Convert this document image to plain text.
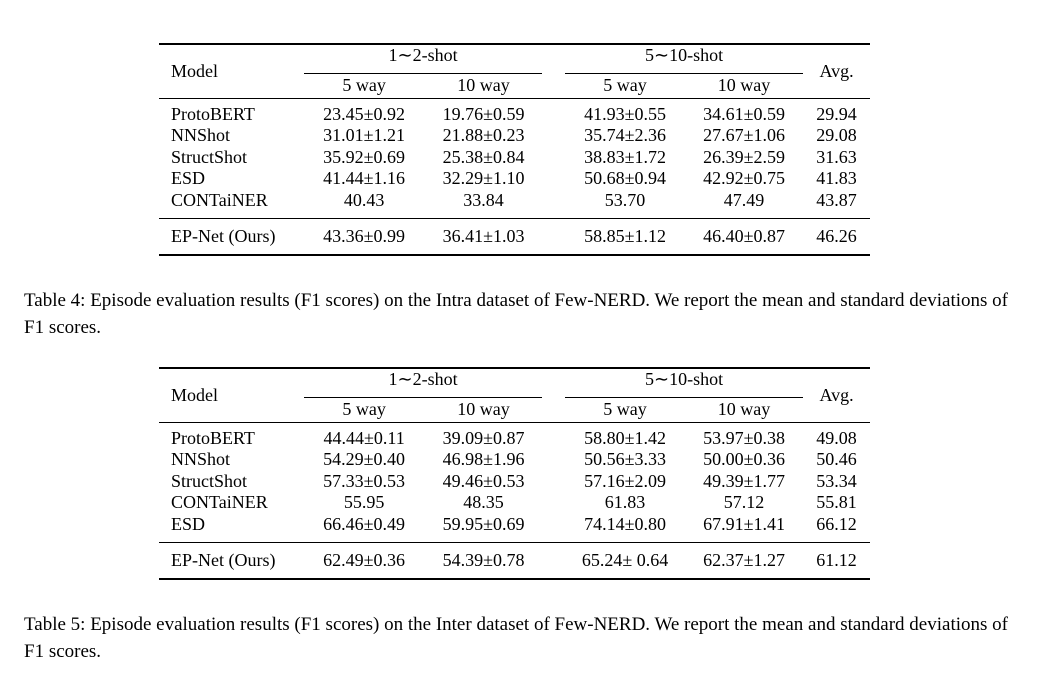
Model	1∼2-shot			5∼10-shot		Avg.
	5 way	10 way		5 way	10 way	
ProtoBERT	23.45±0.92	19.76±0.59		41.93±0.55	34.61±0.59	29.94
NNShot	31.01±1.21	21.88±0.23		35.74±2.36	27.67±1.06	29.08
StructShot	35.92±0.69	25.38±0.84		38.83±1.72	26.39±2.59	31.63
ESD	41.44±1.16	32.29±1.10		50.68±0.94	42.92±0.75	41.83
CONTaiNER	40.43	33.84		53.70	47.49	43.87
EP-Net (Ours)	43.36±0.99	36.41±1.03		58.85±1.12	46.40±0.87	46.26
Table 4: Episode evaluation results (F1 scores) on the Intra dataset of Few-NERD. We report the mean and standard deviations of F1 scores.
Model	1∼2-shot			5∼10-shot		Avg.
	5 way	10 way		5 way	10 way	
ProtoBERT	44.44±0.11	39.09±0.87		58.80±1.42	53.97±0.38	49.08
NNShot	54.29±0.40	46.98±1.96		50.56±3.33	50.00±0.36	50.46
StructShot	57.33±0.53	49.46±0.53		57.16±2.09	49.39±1.77	53.34
CONTaiNER	55.95	48.35		61.83	57.12	55.81
ESD	66.46±0.49	59.95±0.69		74.14±0.80	67.91±1.41	66.12
EP-Net (Ours)	62.49±0.36	54.39±0.78		65.24± 0.64	62.37±1.27	61.12
Table 5: Episode evaluation results (F1 scores) on the Inter dataset of Few-NERD. We report the mean and standard deviations of F1 scores.
